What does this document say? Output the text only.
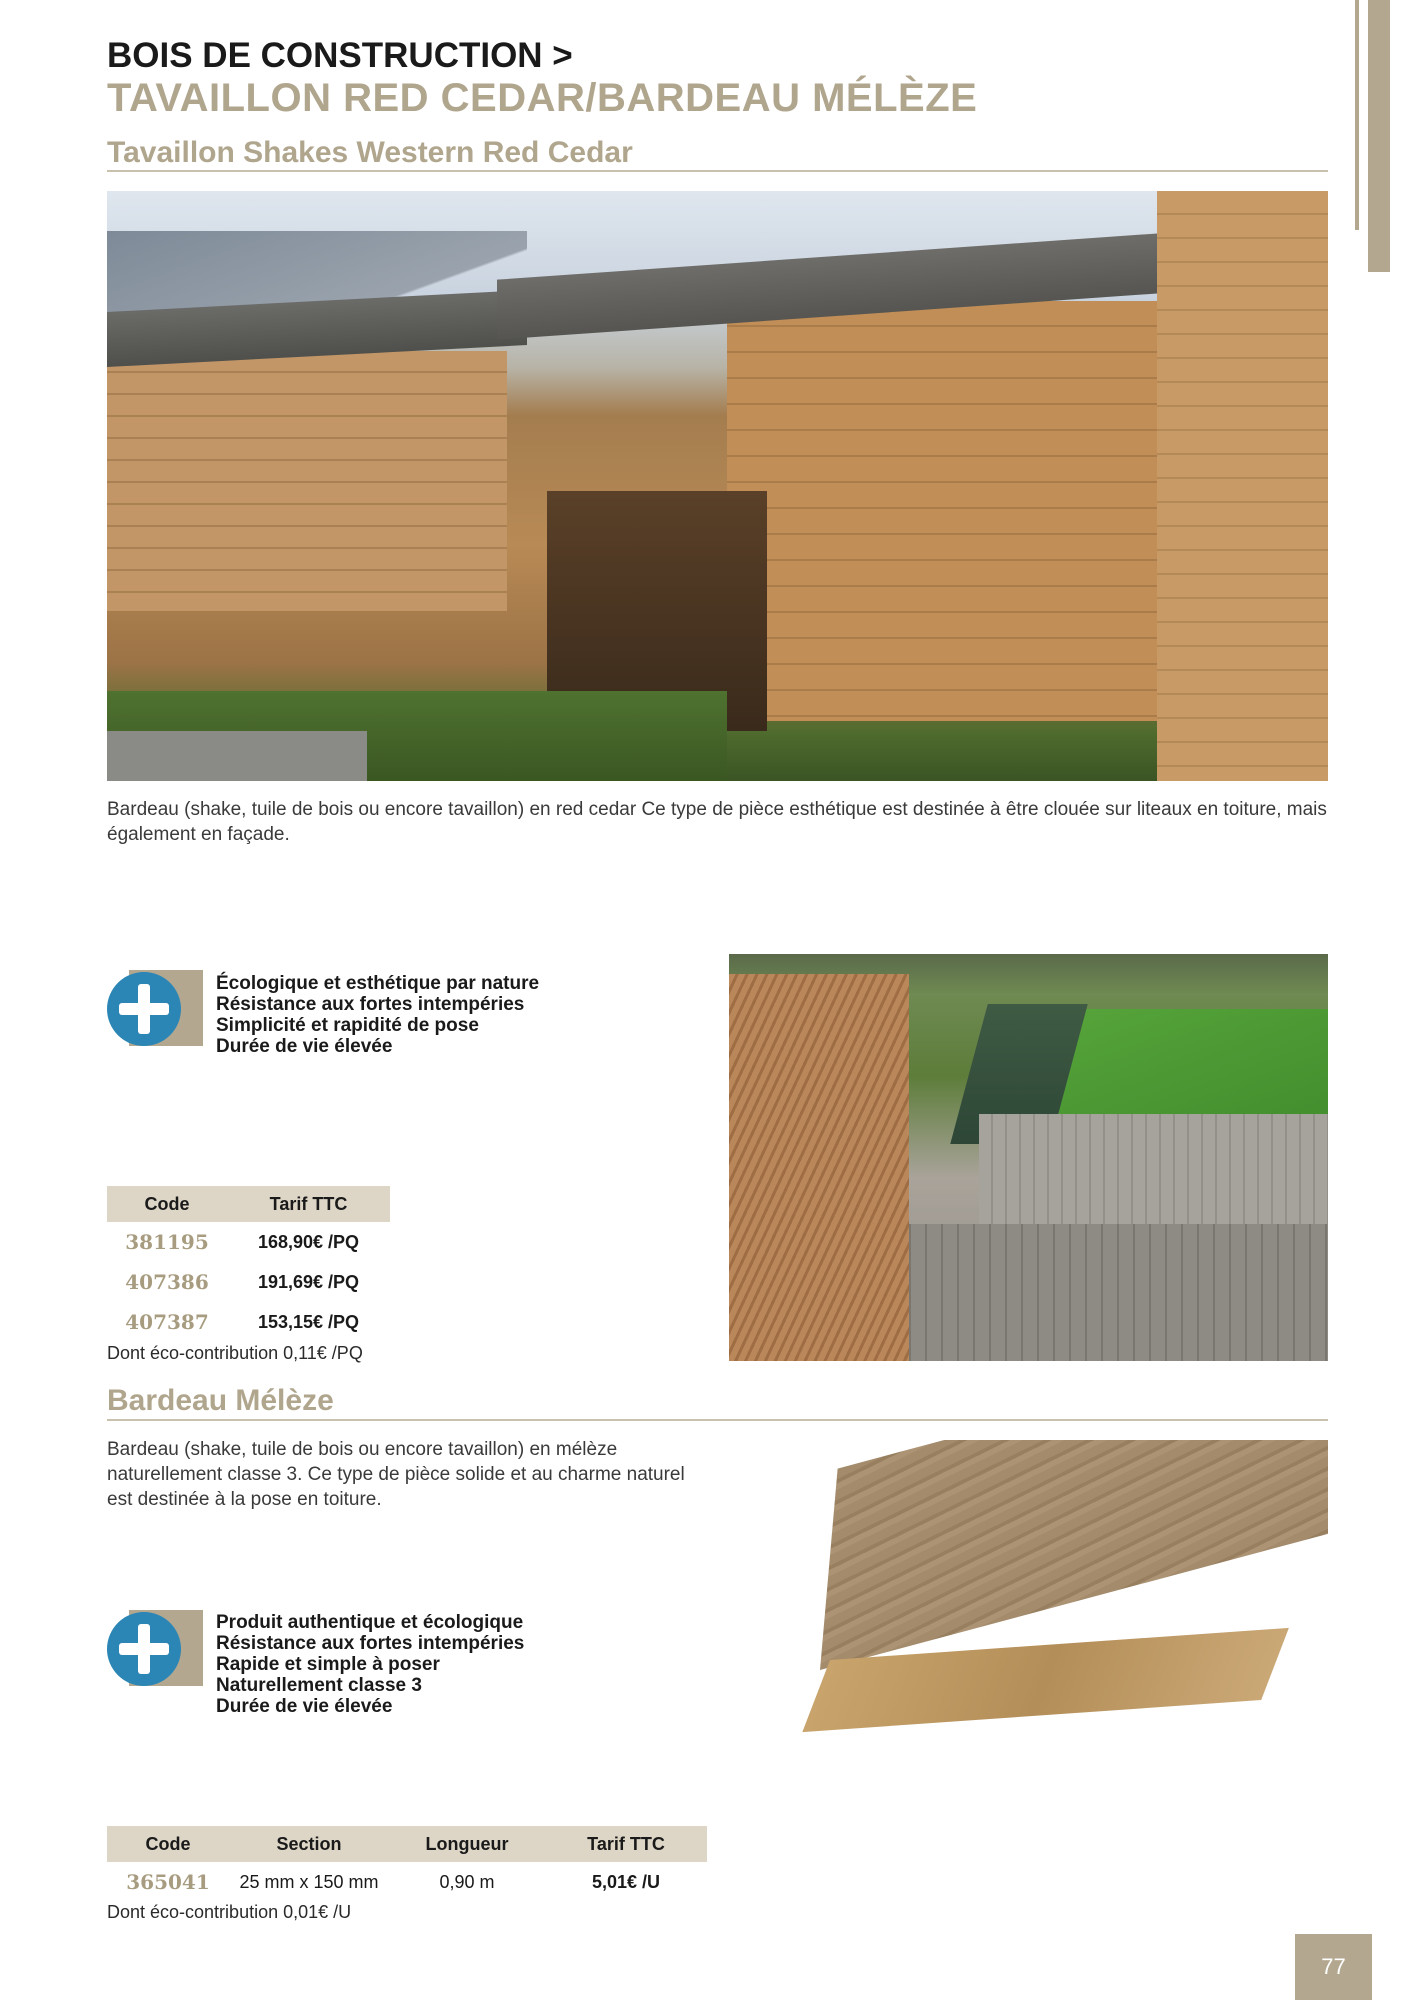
BOIS DE CONSTRUCTION >
TAVAILLON RED CEDAR/BARDEAU MÉLÈZE
Tavaillon Shakes Western Red Cedar
Bardeau (shake, tuile de bois ou encore tavaillon) en red cedar Ce type de pièce esthétique est destinée à être clouée sur liteaux en toiture, mais également en façade.
Écologique et esthétique par nature
Résistance aux fortes intempéries
Simplicité et rapidité de pose
Durée de vie élevée
Code	Tarif TTC
381195	168,90€ /PQ
407386	191,69€ /PQ
407387	153,15€ /PQ
Dont éco-contribution 0,11€ /PQ
Bardeau Mélèze
Bardeau (shake, tuile de bois ou encore tavaillon) en mélèze naturellement classe 3. Ce type de pièce solide et au charme naturel est destinée à la pose en toiture.
Produit authentique et écologique
Résistance aux fortes intempéries
Rapide et simple à poser
Naturellement classe 3
Durée de vie élevée
Code	Section	Longueur	Tarif TTC
365041	25 mm x 150 mm	0,90 m	5,01€ /U
Dont éco-contribution 0,01€ /U
77
